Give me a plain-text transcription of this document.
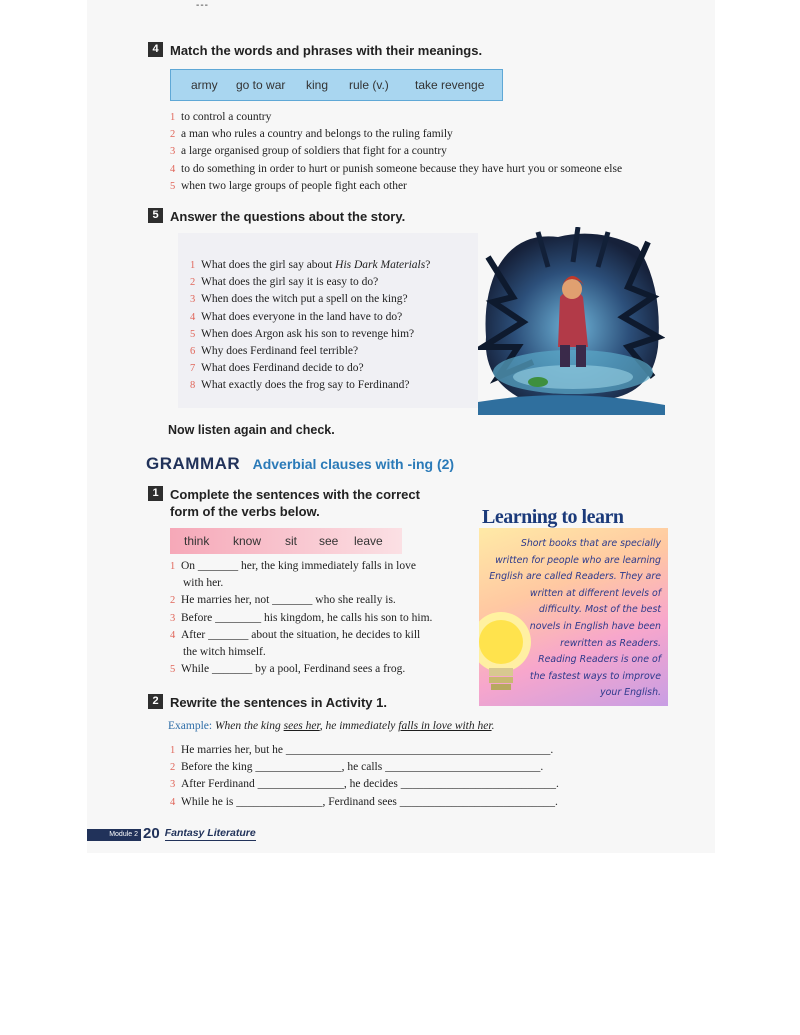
---
4 Match the words and phrases with their meanings.
army	go to war	king	rule (v.)	take revenge
1 to control a country
2 a man who rules a country and belongs to the ruling family
3 a large organised group of soldiers that fight for a country
4 to do something in order to hurt or punish someone because they have hurt you or someone else
5 when two large groups of people fight each other
5 Answer the questions about the story.
1 What does the girl say about His Dark Materials?
2 What does the girl say it is easy to do?
3 When does the witch put a spell on the king?
4 What does everyone in the land have to do?
5 When does Argon ask his son to revenge him?
6 Why does Ferdinand feel terrible?
7 What does Ferdinand decide to do?
8 What exactly does the frog say to Ferdinand?
Now listen again and check.
GRAMMAR Adverbial clauses with -ing (2)
1 Complete the sentences with the correct
form of the verbs below.
think	know	sit	see	leave
1 On _______ her, the king immediately falls in love
with her.
2 He marries her, not _______ who she really is.
3 Before ________ his kingdom, he calls his son to him.
4 After _______ about the situation, he decides to kill
the witch himself.
5 While _______ by a pool, Ferdinand sees a frog.
Learning to learn
Short books that are specially
written for people who are learning
English are called Readers. They are
written at different levels of
difficulty. Most of the best
novels in English have been
rewritten as Readers.
Reading Readers is one of
the fastest ways to improve
your English.
2 Rewrite the sentences in Activity 1.
Example: When the king sees her, he immediately falls in love with her.
1 He marries her, but he ______________________________________________.
2 Before the king _______________, he calls ___________________________.
3 After Ferdinand _______________, he decides ___________________________.
4 While he is _______________, Ferdinand sees ___________________________.
Module 2 20 Fantasy Literature
